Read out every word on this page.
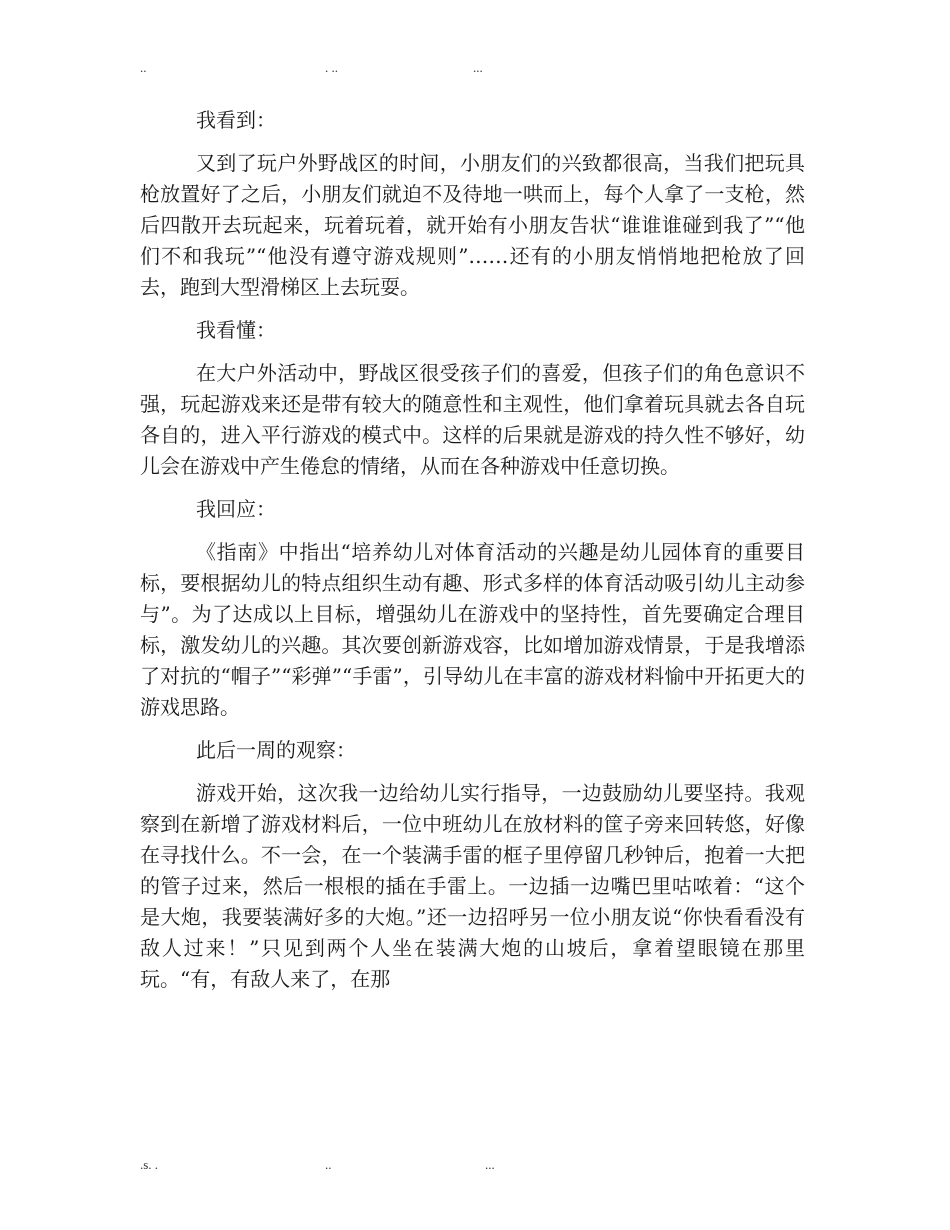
..	. ..	...
我看到：

又到了玩户外野战区的时间，小朋友们的兴致都很高，当我们把玩具枪放置好了之后，小朋友们就迫不及待地一哄而上，每个人拿了一支枪，然后四散开去玩起来，玩着玩着，就开始有小朋友告状“谁谁谁碰到我了”“他们不和我玩”“他没有遵守游戏规则”……还有的小朋友悄悄地把枪放了回去，跑到大型滑梯区上去玩耍。

我看懂：

在大户外活动中，野战区很受孩子们的喜爱，但孩子们的角色意识不强，玩起游戏来还是带有较大的随意性和主观性，他们拿着玩具就去各自玩各自的，进入平行游戏的模式中。这样的后果就是游戏的持久性不够好，幼儿会在游戏中产生倦怠的情绪，从而在各种游戏中任意切换。

我回应：

《指南》中指出“培养幼儿对体育活动的兴趣是幼儿园体育的重要目标，要根据幼儿的特点组织生动有趣、形式多样的体育活动吸引幼儿主动参与”。为了达成以上目标，增强幼儿在游戏中的坚持性，首先要确定合理目标，激发幼儿的兴趣。其次要创新游戏容，比如增加游戏情景，于是我增添了对抗的“帽子”“彩弹”“手雷”，引导幼儿在丰富的游戏材料愉中开拓更大的游戏思路。

此后一周的观察：

游戏开始，这次我一边给幼儿实行指导，一边鼓励幼儿要坚持。我观察到在新增了游戏材料后，一位中班幼儿在放材料的筐子旁来回转悠，好像在寻找什么。不一会，在一个装满手雷的框子里停留几秒钟后，抱着一大把的管子过来，然后一根根的插在手雷上。一边插一边嘴巴里咕哝着：“这个是大炮，我要装满好多的大炮。”还一边招呼另一位小朋友说“你快看看没有敌人过来！”只见到两个人坐在装满大炮的山坡后，拿着望眼镜在那里玩。“有，有敌人来了，在那

.s. .	..	...
